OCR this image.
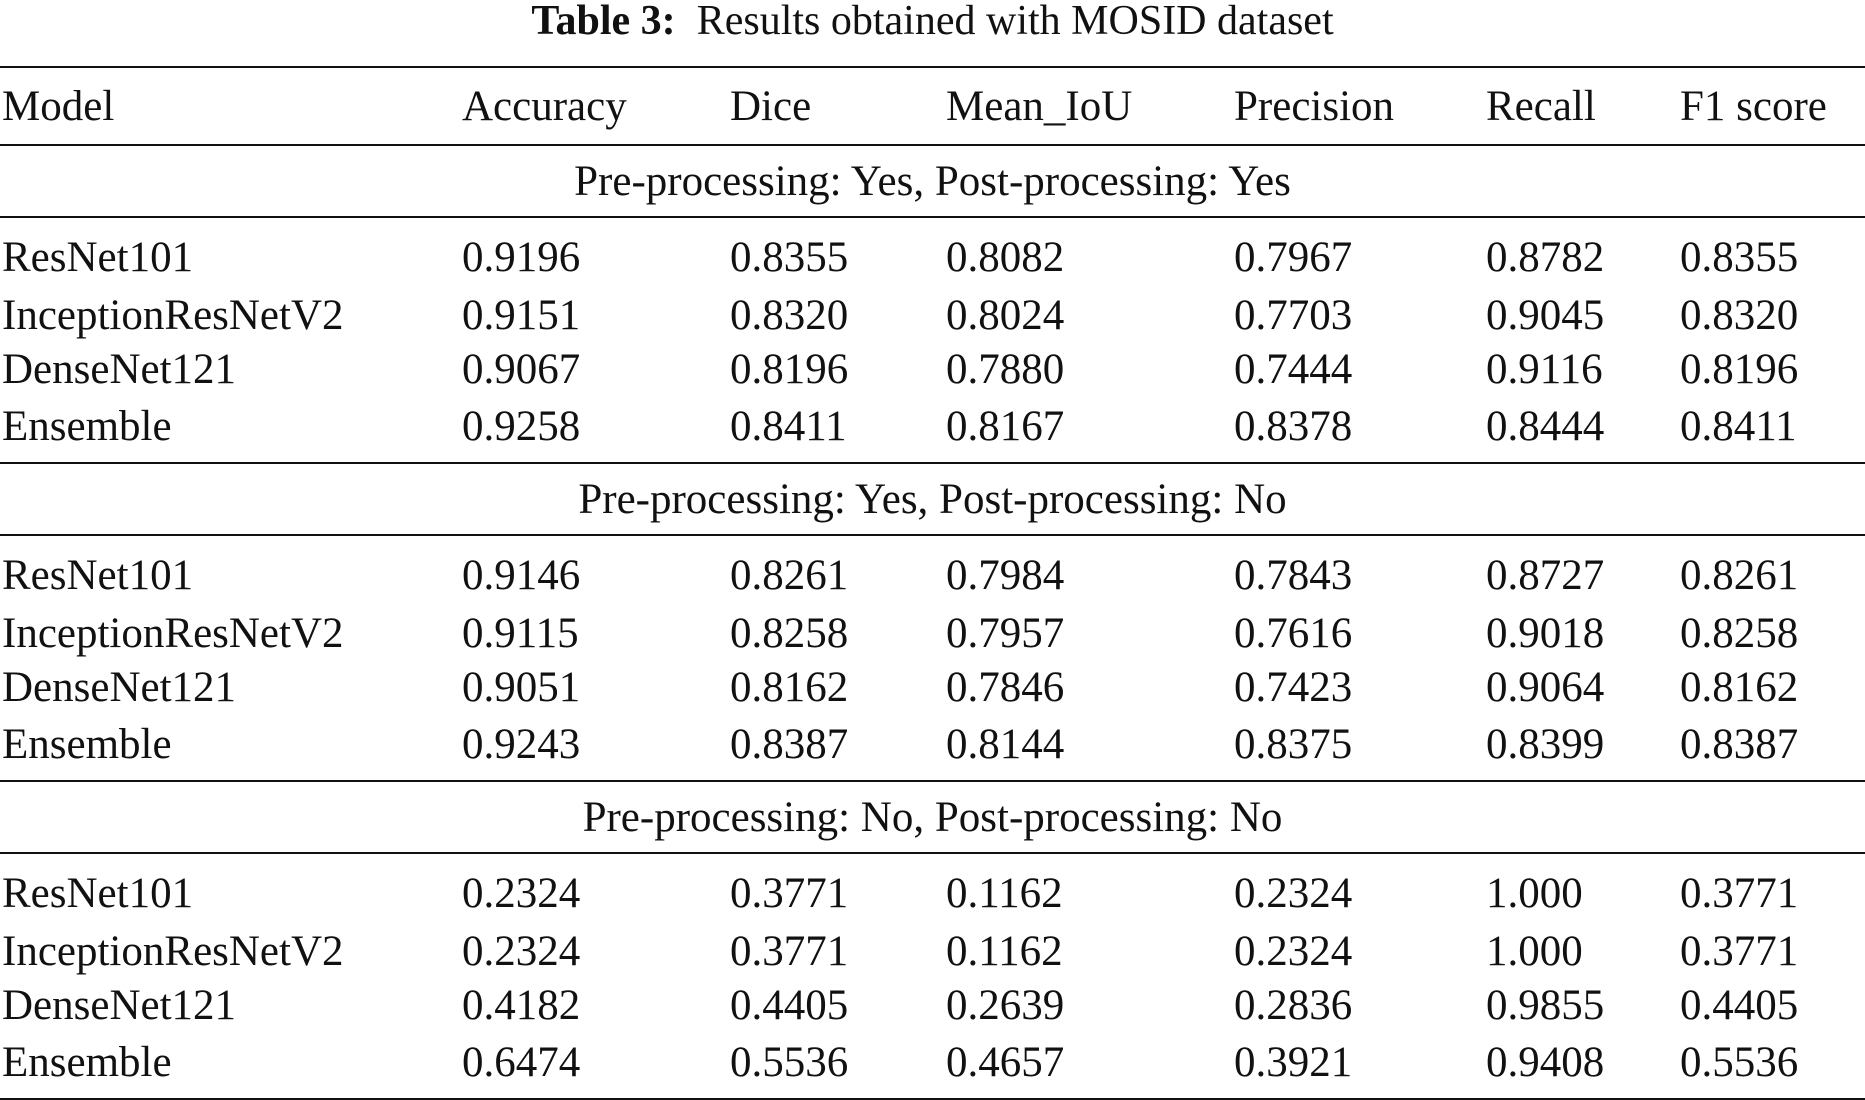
Table 3: Results obtained with MOSID dataset
Model	Accuracy	Dice	Mean_IoU	Precision	Recall	F1 score
Pre-processing: Yes, Post-processing: Yes						
ResNet101	0.9196	0.8355	0.8082	0.7967	0.8782	0.8355
InceptionResNetV2	0.9151	0.8320	0.8024	0.7703	0.9045	0.8320
DenseNet121	0.9067	0.8196	0.7880	0.7444	0.9116	0.8196
Ensemble	0.9258	0.8411	0.8167	0.8378	0.8444	0.8411
Pre-processing: Yes, Post-processing: No						
ResNet101	0.9146	0.8261	0.7984	0.7843	0.8727	0.8261
InceptionResNetV2	0.9115	0.8258	0.7957	0.7616	0.9018	0.8258
DenseNet121	0.9051	0.8162	0.7846	0.7423	0.9064	0.8162
Ensemble	0.9243	0.8387	0.8144	0.8375	0.8399	0.8387
Pre-processing: No, Post-processing: No						
ResNet101	0.2324	0.3771	0.1162	0.2324	1.000	0.3771
InceptionResNetV2	0.2324	0.3771	0.1162	0.2324	1.000	0.3771
DenseNet121	0.4182	0.4405	0.2639	0.2836	0.9855	0.4405
Ensemble	0.6474	0.5536	0.4657	0.3921	0.9408	0.5536
